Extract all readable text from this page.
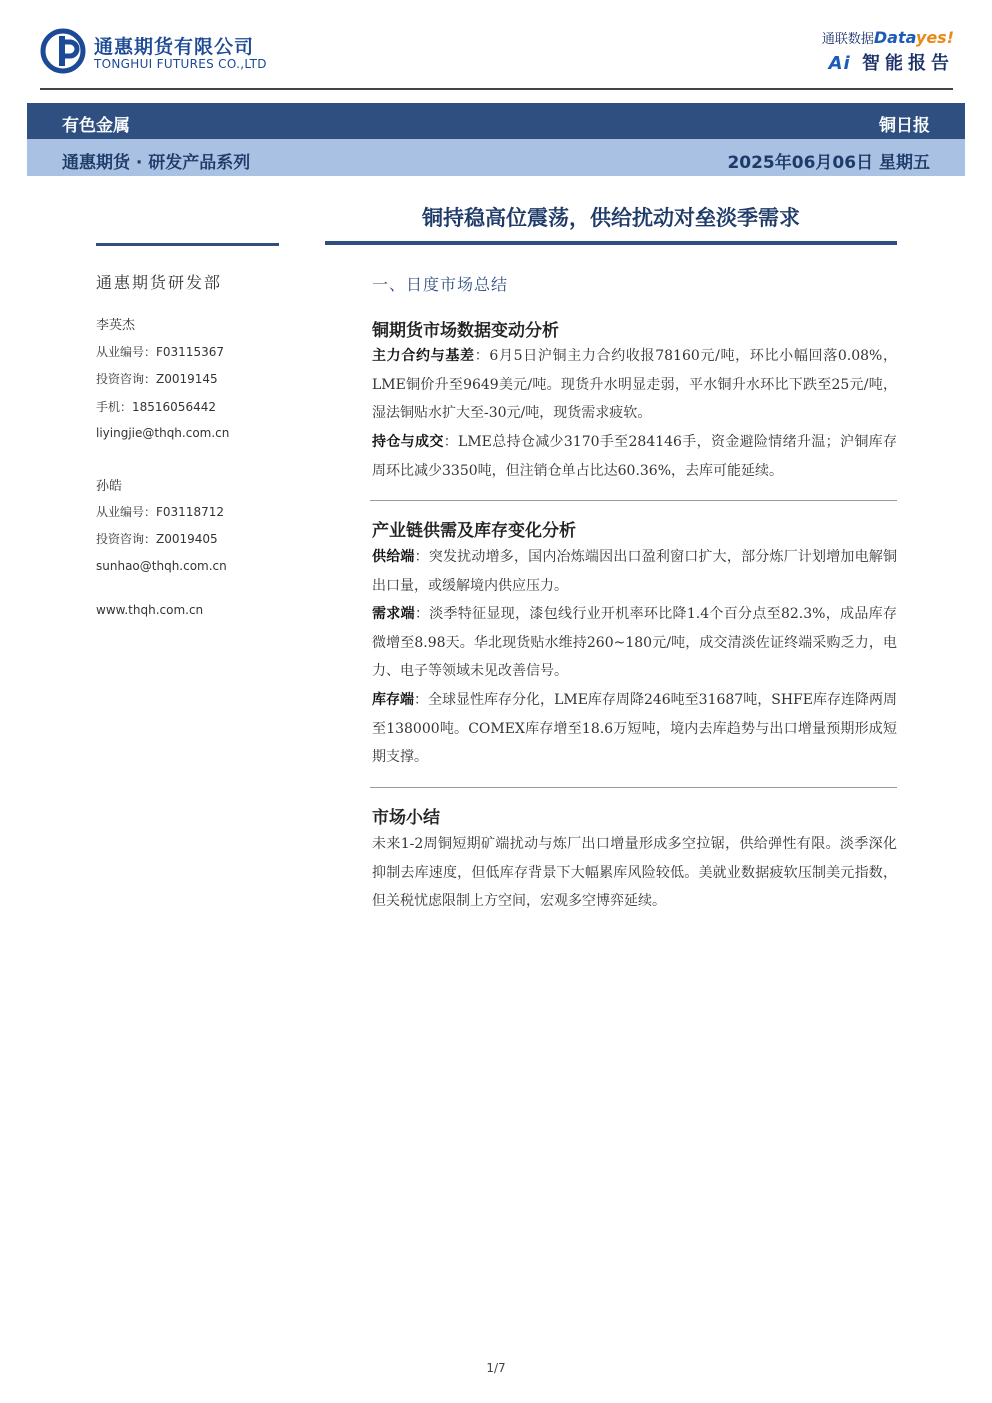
通惠期货有限公司
TONGHUI FUTURES CO.,LTD
通联数据Datayes!
Ai 智能报告
有色金属	铜日报
通惠期货 · 研发产品系列	2025年06月06日 星期五
铜持稳高位震荡，供给扰动对垒淡季需求
通惠期货研发部
李英杰
从业编号：F03115367
投资咨询：Z0019145
手机：18516056442
liyingjie@thqh.com.cn
孙皓
从业编号：F03118712
投资咨询：Z0019405
sunhao@thqh.com.cn
www.thqh.com.cn
一、日度市场总结
铜期货市场数据变动分析
主力合约与基差：6月5日沪铜主力合约收报78160元/吨，环比小幅回落0.08%，LME铜价升至9649美元/吨。现货升水明显走弱，平水铜升水环比下跌至25元/吨，湿法铜贴水扩大至-30元/吨，现货需求疲软。
持仓与成交：LME总持仓减少3170手至284146手，资金避险情绪升温；沪铜库存周环比减少3350吨，但注销仓单占比达60.36%，去库可能延续。
产业链供需及库存变化分析
供给端：突发扰动增多，国内冶炼端因出口盈利窗口扩大，部分炼厂计划增加电解铜出口量，或缓解境内供应压力。
需求端：淡季特征显现，漆包线行业开机率环比降1.4个百分点至82.3%，成品库存微增至8.98天。华北现货贴水维持260~180元/吨，成交清淡佐证终端采购乏力，电力、电子等领域未见改善信号。
库存端：全球显性库存分化，LME库存周降246吨至31687吨，SHFE库存连降两周至138000吨。COMEX库存增至18.6万短吨，境内去库趋势与出口增量预期形成短期支撑。
市场小结
未来1-2周铜短期矿端扰动与炼厂出口增量形成多空拉锯，供给弹性有限。淡季深化抑制去库速度，但低库存背景下大幅累库风险较低。美就业数据疲软压制美元指数，但关税忧虑限制上方空间，宏观多空博弈延续。
1/7
